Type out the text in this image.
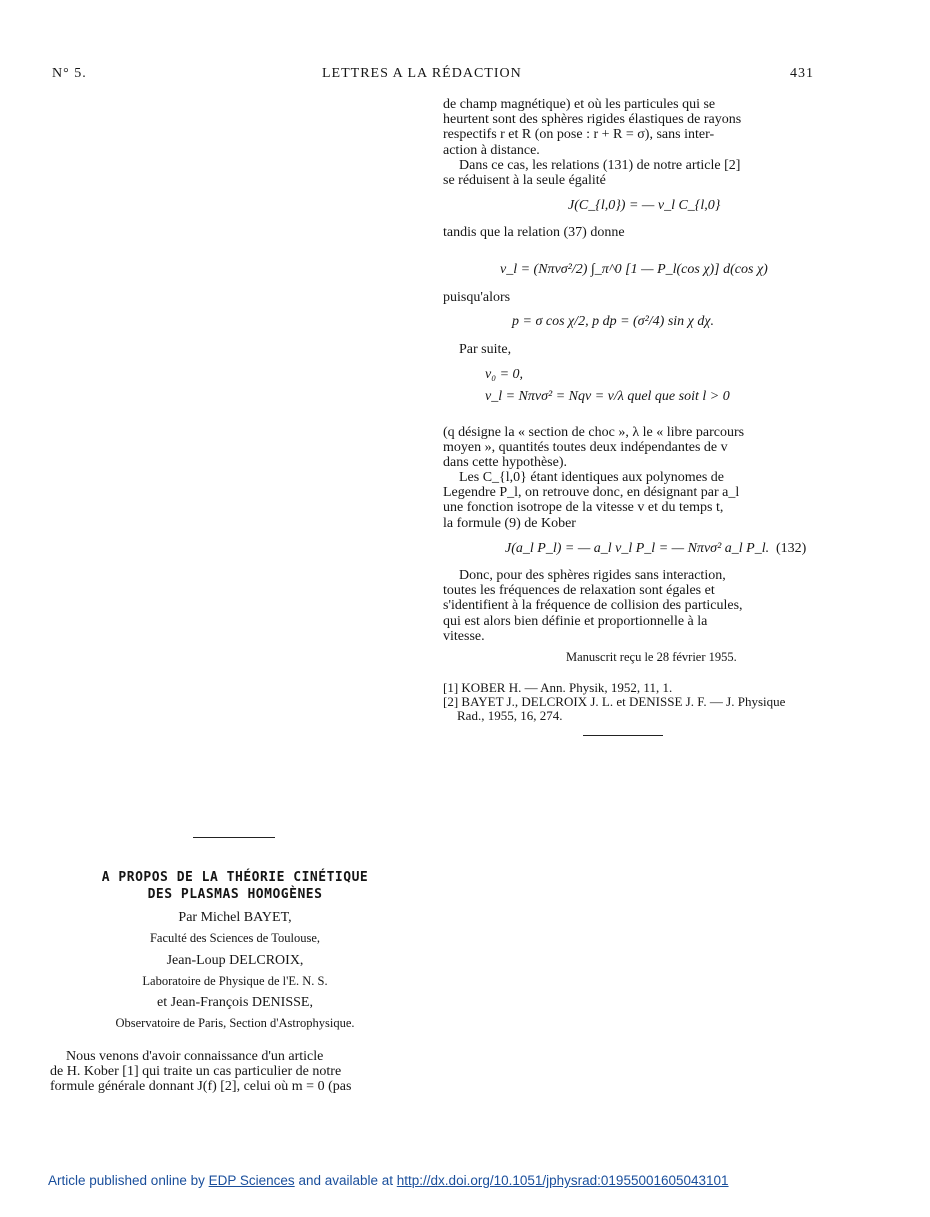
N° 5.	LETTRES A LA RÉDACTION	431
de champ magnétique) et où les particules qui se
heurtent sont des sphères rigides élastiques de rayons
respectifs r et R (on pose : r + R = σ), sans inter-
action à distance.
Dans ce cas, les relations (131) de notre article [2]
se réduisent à la seule égalité
J(C_{l,0}) = — ν_l C_{l,0}
tandis que la relation (37) donne
ν_l = (Nπvσ²/2) ∫_π^0 [1 — P_l(cos χ)] d(cos χ)
puisqu'alors
p = σ cos χ/2, p dp = (σ²/4) sin χ dχ.
Par suite,
ν₀ = 0,
ν_l = Nπvσ² = Nqv = v/λ quel que soit l > 0
(q désigne la « section de choc », λ le « libre parcours
moyen », quantités toutes deux indépendantes de v
dans cette hypothèse).
Les C_{l,0} étant identiques aux polynomes de
Legendre P_l, on retrouve donc, en désignant par a_l
une fonction isotrope de la vitesse v et du temps t,
la formule (9) de Kober
J(a_l P_l) = — a_l ν_l P_l = — Nπvσ² a_l P_l. (132)
Donc, pour des sphères rigides sans interaction,
toutes les fréquences de relaxation sont égales et
s'identifient à la fréquence de collision des particules,
qui est alors bien définie et proportionnelle à la
vitesse.
Manuscrit reçu le 28 février 1955.
[1] KOBER H. — Ann. Physik, 1952, 11, 1.
[2] BAYET J., DELCROIX J. L. et DENISSE J. F. — J. Physique
Rad., 1955, 16, 274.
A PROPOS DE LA THÉORIE CINÉTIQUE
DES PLASMAS HOMOGÈNES
Par Michel BAYET,
Faculté des Sciences de Toulouse,
Jean-Loup DELCROIX,
Laboratoire de Physique de l'E. N. S.
et Jean-François DENISSE,
Observatoire de Paris, Section d'Astrophysique.
Nous venons d'avoir connaissance d'un article
de H. Kober [1] qui traite un cas particulier de notre
formule générale donnant J(f) [2], celui où m = 0 (pas
Article published online by EDP Sciences and available at http://dx.doi.org/10.1051/jphysrad:01955001605043101
